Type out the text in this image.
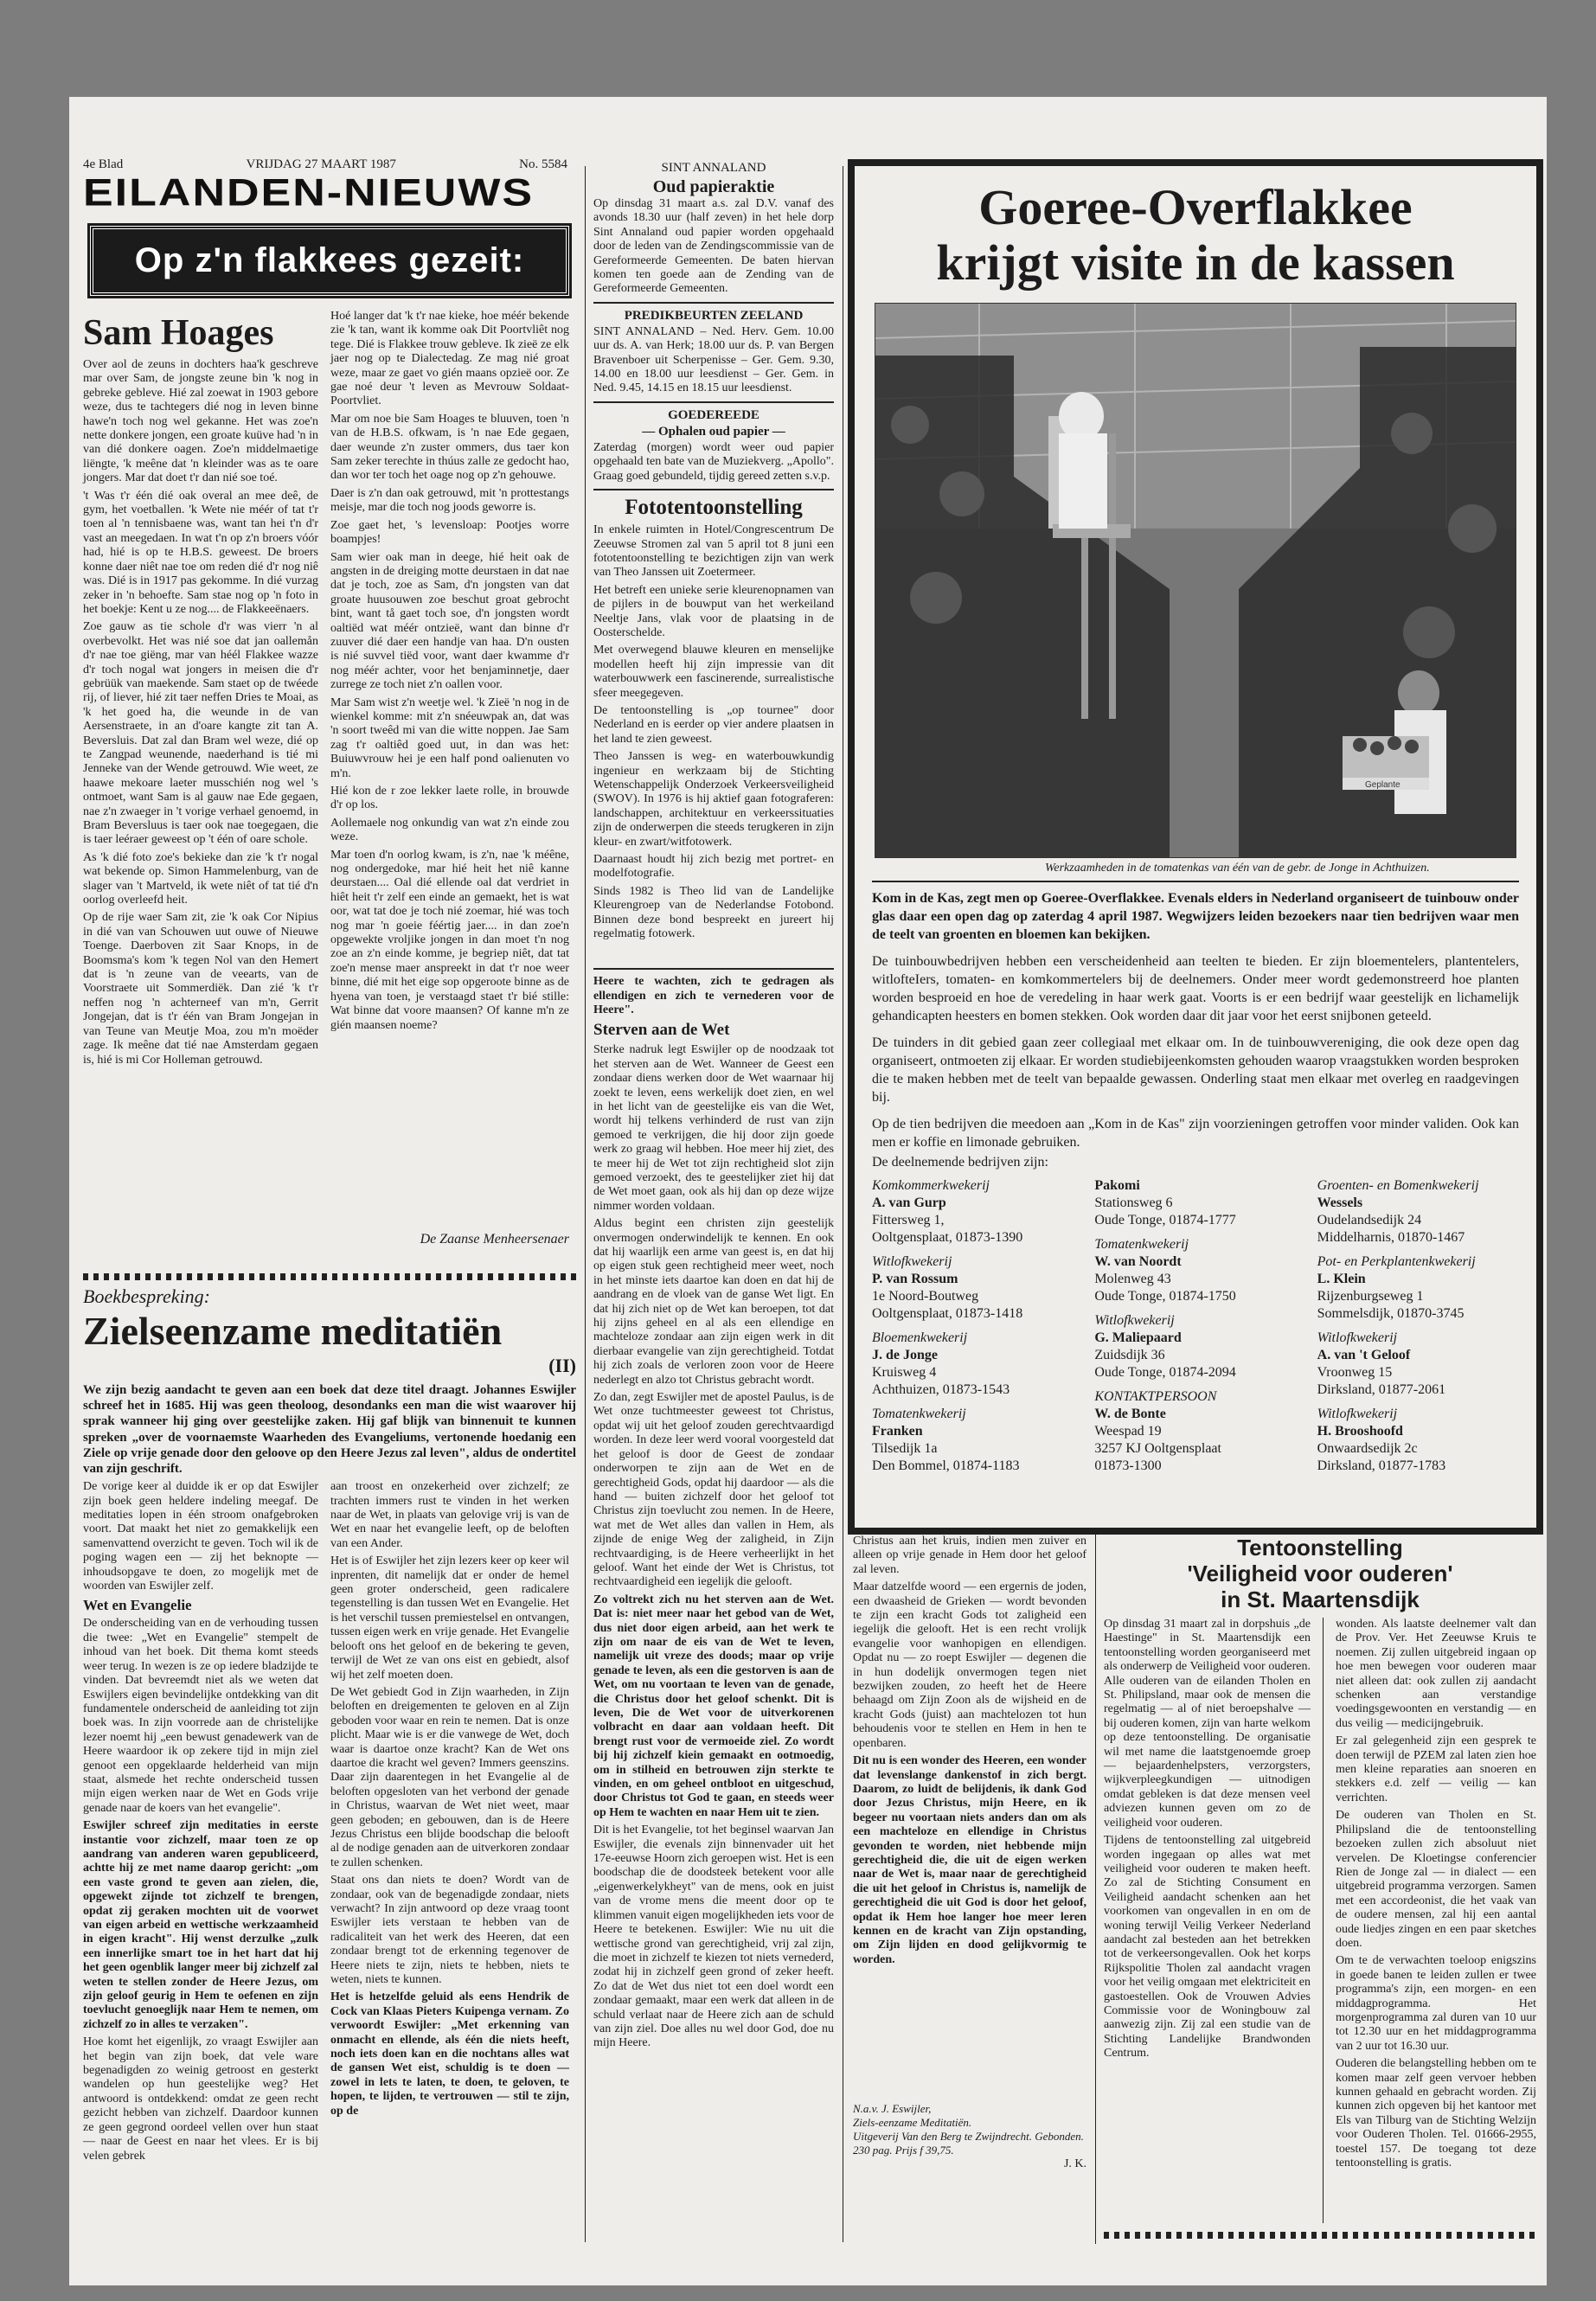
4e Blad	VRIJDAG 27 MAART 1987	No. 5584
EILANDEN-NIEUWS
Op z'n flakkees gezeit:
Sam Hoages

Over aol de zeuns in dochters haa'k geschreve mar over Sam, de jongste zeune bin 'k nog in gebreke gebleve. Hié zal zoewat in 1903 gebore weze, dus te tachtegers dié nog in leven binne hawe'n toch nog wel gekanne. Het was zoe'n nette donkere jongen, een groate kuüve had 'n in van dié donkere oagen. Zoe'n middelmaetige liëngte, 'k meêne dat 'n kleinder was as te oare jongers. Mar dat doet t'r dan nié soe toé.

't Was t'r één dié oak overal an mee deê, de gym, het voetballen. 'k Wete nie méér of tat t'r toen al 'n tennisbaene was, want tan hei t'n d'r vast an meegedaen. In wat t'n op z'n broers vóór had, hié is op te H.B.S. geweest. De broers konne daer niêt nae toe om reden dié d'r nog niê was. Dié is in 1917 pas gekomme. In dié vurzag zeker in 'n behoefte. Sam stae nog op 'n foto in het boekje: Kent u ze nog.... de Flakkeeënaers.

Zoe gauw as tie schole d'r was vierr 'n al overbevolkt. Het was nié soe dat jan oallemån d'r nae toe giëng, mar van héél Flakkee wazze d'r toch nogal wat jongers in meisen die d'r gebrüük van maekende. Sam staet op de twéede rij, of liever, hié zit taer neffen Dries te Moai, as 'k het goed ha, die weunde in de van Aersenstraete, in an d'oare kangte zit tan A. Beversluis. Dat zal dan Bram wel weze, dié op te Zangpad weunende, naederhand is tié mi Jenneke van der Wende getrouwd. Wie weet, ze haawe mekoare laeter musschién nog wel 's ontmoet, want Sam is al gauw nae Ede gegaen, nae z'n zwaeger in 't vorige verhael genoemd, in Bram Beversluus is taer ook nae toegegaen, die is taer leéraer geweest op 't één of oare schole.

As 'k dié foto zoe's bekieke dan zie 'k t'r nogal wat bekende op. Simon Hammelenburg, van de slager van 't Martveld, ik wete niêt of tat tié d'n oorlog overleefd heit.

Op de rije waer Sam zit, zie 'k oak Cor Nipius in dié van van Schouwen uut ouwe of Nieuwe Toenge. Daerboven zit Saar Knops, in de Boomsma's kom 'k tegen Nol van den Hemert dat is 'n zeune van de veearts, van de Voorstraete uit Sommerdiëk. Dan zié 'k t'r neffen nog 'n achterneef van m'n, Gerrit Jongejan, dat is t'r één van Bram Jongejan in van Teune van Meutje Moa, zou m'n moëder zage. Ik meêne dat tié nae Amsterdam gegaen is, hié is mi Cor Holleman getrouwd.

Hoé langer dat 'k t'r nae kieke, hoe méér bekende zie 'k tan, want ik komme oak Dit Poortvliêt nog tege. Dié is Flakkee trouw gebleve. Ik zieë ze elk jaer nog op te Dialectedag. Ze mag nié groat weze, maar ze gaet vo gién maans opzieë oor. Ze gae noé deur 't leven as Mevrouw Soldaat-Poortvliet.

Mar om noe bie Sam Hoages te bluuven, toen 'n van de H.B.S. ofkwam, is 'n nae Ede gegaen, daer weunde z'n zuster ommers, dus taer kon Sam zeker terechte in thúus zalle ze gedocht hao, dan wor ter toch het oage nog op z'n gehouwe.

Daer is z'n dan oak getrouwd, mit 'n prottestangs meisje, mar die toch nog joods geworre is.

Zoe gaet het, 's levensloap: Pootjes worre boampjes!

Sam wier oak man in deege, hié heit oak de angsten in de dreiging motte deurstaen in dat nae dat je toch, zoe as Sam, d'n jongsten van dat groate huusouwen zoe beschut groat gebrocht bint, want tå gaet toch soe, d'n jongsten wordt oaltiëd wat méér ontzieë, want dan binne d'r zuuver dié daer een handje van haa. D'n ousten is nié suvvel tiëd voor, want daer kwamme d'r nog méér achter, voor het benjaminnetje, daer zurrege ze toch niet z'n oallen voor.

Mar Sam wist z'n weetje wel. 'k Zieë 'n nog in de wienkel komme: mit z'n snéeuwpak an, dat was 'n soort tweêd mi van die witte noppen. Jae Sam zag t'r oaltiêd goed uut, in dan was het: Buiuwvrouw hei je een half pond oalienuten vo m'n.

Hié kon de r zoe lekker laete rolle, in brouwde d'r op los.

Aollemaele nog onkundig van wat z'n einde zou weze.

Mar toen d'n oorlog kwam, is z'n, nae 'k méêne, nog ondergedoke, mar hié heit het niê kanne deurstaen.... Oal dié ellende oal dat verdriet in hiêt heit t'r zelf een einde an gemaekt, het is wat oor, wat tat doe je toch nié zoemar, hié was toch nog mar 'n goeie féértig jaer.... in dan zoe'n opgewekte vroljike jongen in dan moet t'n nog zoe an z'n einde komme, je begriep niêt, dat tat zoe'n mense maer anspreekt in dat t'r noe weer binne, dié mit het eige sop opgeroote binne as de hyena van toen, je verstaagd staet t'r bié stille: Wat binne dat voore maansen? Of kanne m'n ze gién maansen noeme?

De Zaanse Menheersenaer
Boekbespreking:
Zielseenzame meditatiën
(II)

We zijn bezig aandacht te geven aan een boek dat deze titel draagt. Johannes Eswijler schreef het in 1685. Hij was geen theoloog, desondanks een man die wist waarover hij sprak wanneer hij ging over geestelijke zaken. Hij gaf blijk van binnenuit te kunnen spreken „over de voornaemste Waarheden des Evangeliums, vertonende hoedanig een Ziele op vrije genade door den geloove op den Heere Jezus zal leven", aldus de ondertitel van zijn geschrift.

De vorige keer al duidde ik er op dat Eswijler zijn boek geen heldere indeling meegaf. De meditaties lopen in één stroom onafgebroken voort. Dat maakt het niet zo gemakkelijk een samenvattend overzicht te geven. Toch wil ik de poging wagen een — zij het beknopte — inhoudsopgave te doen, zo mogelijk met de woorden van Eswijler zelf.

Wet en Evangelie

De onderscheiding van en de verhouding tussen die twee: „Wet en Evangelie" stempelt de inhoud van het boek. Dit thema komt steeds weer terug. In wezen is ze op iedere bladzijde te vinden. Dat bevreemdt niet als we weten dat Eswijlers eigen bevindelijke ontdekking van dit fundamentele onderscheid de aanleiding tot zijn boek was. In zijn voorrede aan de christelijke lezer noemt hij „een bewust genadewerk van de Heere waardoor ik op zekere tijd in mijn ziel genoot een opgeklaarde helderheid van mijn staat, alsmede het rechte onderscheid tussen mijn eigen werken naar de Wet en Gods vrije genade naar de koers van het evangelie".

Eswijler schreef zijn meditaties in eerste instantie voor zichzelf, maar toen ze op aandrang van anderen waren gepubliceerd, achtte hij ze met name daarop gericht: „om een vaste grond te geven aan zielen, die, opgewekt zijnde tot zichzelf te brengen, opdat zij geraken mochten uit de voorwet van eigen arbeid en wettische werkzaamheid in eigen kracht". Hij wenst derzulke „zulk een innerlijke smart toe in het hart dat hij het geen ogenblik langer meer bij zichzelf zal weten te stellen zonder de Heere Jezus, om zijn geloof geurig in Hem te oefenen en zijn toevlucht genoeglijk naar Hem te nemen, om zichzelf zo in alles te verzaken".

Hoe komt het eigenlijk, zo vraagt Eswijler aan het begin van zijn boek, dat vele ware begenadigden zo weinig getroost en gesterkt wandelen op hun geestelijke weg? Het antwoord is ontdekkend: omdat ze geen recht gezicht hebben van zichzelf. Daardoor kunnen ze geen gegrond oordeel vellen over hun staat — naar de Geest en naar het vlees. Er is bij velen gebrek

aan troost en onzekerheid over zichzelf; ze trachten immers rust te vinden in het werken naar de Wet, in plaats van gelovige vrij is van de Wet en naar het evangelie leeft, op de beloften van een Ander.

Het is of Eswijler het zijn lezers keer op keer wil inprenten, dit namelijk dat er onder de hemel geen groter onderscheid, geen radicalere tegenstelling is dan tussen Wet en Evangelie. Het is het verschil tussen premiestelsel en ontvangen, tussen eigen werk en vrije genade. Het Evangelie belooft ons het geloof en de bekering te geven, terwijl de Wet ze van ons eist en gebiedt, alsof wij het zelf moeten doen.

De Wet gebiedt God in Zijn waarheden, in Zijn beloften en dreigementen te geloven en al Zijn geboden voor waar en rein te nemen. Dat is onze plicht. Maar wie is er die vanwege de Wet, doch waar is daartoe onze kracht? Kan de Wet ons daartoe die kracht wel geven? Immers geenszins. Daar zijn daarentegen in het Evangelie al de beloften opgesloten van het verbond der genade in Christus, waarvan de Wet niet weet, maar geen geboden; en gebouwen, dan is de Heere Jezus Christus een blijde boodschap die belooft al de nodige genaden aan de uitverkoren zondaar te zullen schenken.

Staat ons dan niets te doen? Wordt van de zondaar, ook van de begenadigde zondaar, niets verwacht? In zijn antwoord op deze vraag toont Eswijler iets verstaan te hebben van de radicaliteit van het werk des Heeren, dat een zondaar brengt tot de erkenning tegenover de Heere niets te zijn, niets te hebben, niets te weten, niets te kunnen.

Het is hetzelfde geluid als eens Hendrik de Cock van Klaas Pieters Kuipenga vernam. Zo verwoordt Eswijler: „Met erkenning van onmacht en ellende, als één die niets heeft, noch iets doen kan en die nochtans alles wat de gansen Wet eist, schuldig is te doen — zowel in lets te laten, te doen, te geloven, te hopen, te lijden, te vertrouwen — stil te zijn, op de

SINT ANNALAND
Oud papieraktie

Op dinsdag 31 maart a.s. zal D.V. vanaf des avonds 18.30 uur (half zeven) in het hele dorp Sint Annaland oud papier worden opgehaald door de leden van de Zendingscommissie van de Gereformeerde Gemeenten. De baten hiervan komen ten goede aan de Zending van de Gereformeerde Gemeenten.

PREDIKBEURTEN ZEELAND

SINT ANNALAND – Ned. Herv. Gem. 10.00 uur ds. A. van Herk; 18.00 uur ds. P. van Bergen Bravenboer uit Scherpenisse – Ger. Gem. 9.30, 14.00 en 18.00 uur leesdienst – Ger. Gem. in Ned. 9.45, 14.15 en 18.15 uur leesdienst.

GOEDEREEDE
— Ophalen oud papier —

Zaterdag (morgen) wordt weer oud papier opgehaald ten bate van de Muziekverg. „Apollo". Graag goed gebundeld, tijdig gereed zetten s.v.p.

Fototentoonstelling

In enkele ruimten in Hotel/Congrescentrum De Zeeuwse Stromen zal van 5 april tot 8 juni een fototentoonstelling te bezichtigen zijn van werk van Theo Janssen uit Zoetermeer.

Het betreft een unieke serie kleurenopnamen van de pijlers in de bouwput van het werkeiland Neeltje Jans, vlak voor de plaatsing in de Oosterschelde.

Met overwegend blauwe kleuren en menselijke modellen heeft hij zijn impressie van dit waterbouwwerk een fascinerende, surrealistische sfeer meegegeven.

De tentoonstelling is „op tournee" door Nederland en is eerder op vier andere plaatsen in het land te zien geweest.

Theo Janssen is weg- en waterbouwkundig ingenieur en werkzaam bij de Stichting Wetenschappelijk Onderzoek Verkeersveiligheid (SWOV). In 1976 is hij aktief gaan fotograferen: landschappen, architektuur en verkeerssituaties zijn de onderwerpen die steeds terugkeren in zijn kleur- en zwart/witfotowerk.

Daarnaast houdt hij zich bezig met portret- en modelfotografie.

Sinds 1982 is Theo lid van de Landelijke Kleurengroep van de Nederlandse Fotobond. Binnen deze bond bespreekt en jureert hij regelmatig fotowerk.

Heere te wachten, zich te gedragen als ellendigen en zich te vernederen voor de Heere".

Sterven aan de Wet

Sterke nadruk legt Eswijler op de noodzaak tot het sterven aan de Wet. Wanneer de Geest een zondaar diens werken door de Wet waarnaar hij zoekt te leven, eens werkelijk doet zien, en wel in het licht van de geestelijke eis van die Wet, wordt hij telkens verhinderd de rust van zijn gemoed te verkrijgen, die hij door zijn goede werk zo graag wil hebben. Hoe meer hij ziet, des te meer hij de Wet tot zijn rechtigheid slot zijn gemoed verzoekt, des te geestelijker ziet hij dat de Wet moet gaan, ook als hij dan op deze wijze nimmer worden voldaan.

Aldus begint een christen zijn geestelijk onvermogen onderwindelijk te kennen. En ook dat hij waarlijk een arme van geest is, en dat hij op eigen stuk geen rechtigheid meer weet, noch in het minste iets daartoe kan doen en dat hij de aandrang en de vloek van de ganse Wet ligt. En dat hij zich niet op de Wet kan beroepen, tot dat hij zijns geheel en al als een ellendige en machteloze zondaar aan zijn eigen werk in dit dierbaar evangelie van zijn gerechtigheid. Totdat hij zich zoals de verloren zoon voor de Heere nederlegt en alzo tot Christus gebracht wordt.

Zo dan, zegt Eswijler met de apostel Paulus, is de Wet onze tuchtmeester geweest tot Christus, opdat wij uit het geloof zouden gerechtvaardigd worden. In deze leer werd vooral voorgesteld dat het geloof is door de Geest de zondaar onderworpen te zijn aan de Wet en de gerechtigheid Gods, opdat hij daardoor — als die hand — buiten zichzelf door het geloof tot Christus zijn toevlucht zou nemen. In de Heere, wat met de Wet alles dan vallen in Hem, als zijnde de enige Weg der zaligheid, in Zijn rechtvaardiging, is de Heere verheerlijkt in het geloof. Want het einde der Wet is Christus, tot rechtvaardigheid een iegelijk die gelooft.

Zo voltrekt zich nu het sterven aan de Wet. Dat is: niet meer naar het gebod van de Wet, dus niet door eigen arbeid, aan het werk te zijn om naar de eis van de Wet te leven, namelijk uit vreze des doods; maar op vrije genade te leven, als een die gestorven is aan de Wet, om nu voortaan te leven van de genade, die Christus door het geloof schenkt. Dit is leven, Die de Wet voor de uitverkorenen volbracht en daar aan voldaan heeft. Dit brengt rust voor de vermoeide ziel. Zo wordt bij hij zichzelf kiein gemaakt en ootmoedig, om in stilheid en betrouwen zijn sterkte te vinden, en om geheel ontbloot en uitgeschud, door Christus tot God te gaan, en steeds weer op Hem te wachten en naar Hem uit te zien.

Dit is het Evangelie, tot het beginsel waarvan Jan Eswijler, die evenals zijn binnenvader uit het 17e-eeuwse Hoorn zich geroepen wist. Het is een boodschap die de doodsteek betekent voor alle „eigenwerkelykheyt" van de mens, ook en juist van de vrome mens die meent door op te klimmen vanuit eigen mogelijkheden iets voor de Heere te betekenen. Eswijler: Wie nu uit die wettische grond van gerechtigheid, vrij zal zijn, die moet in zichzelf te kiezen tot niets vernederd, zodat hij in zichzelf geen grond of zeker heeft. Zo dat de Wet dus niet tot een doel wordt een zondaar gemaakt, maar een werk dat alleen in de schuld verlaat naar de Heere zich aan de schuld van zijn ziel. Doe alles nu wel door God, doe nu mijn Heere.

Goeree-Overflakkee
krijgt visite in de kassen
Geplante
Werkzaamheden in de tomatenkas van één van de gebr. de Jonge in Achthuizen.

Kom in de Kas, zegt men op Goeree-Overflakkee. Evenals elders in Nederland organiseert de tuinbouw onder glas daar een open dag op zaterdag 4 april 1987. Wegwijzers leiden bezoekers naar tien bedrijven waar men de teelt van groenten en bloemen kan bekijken.

De tuinbouwbedrijven hebben een verscheidenheid aan teelten te bieden. Er zijn bloementelers, plantentelers, witlofteIers, tomaten- en komkommertelers bij de deelnemers. Onder meer wordt gedemonstreerd hoe planten worden besproeid en hoe de veredeling in haar werk gaat. Voorts is er een bedrijf waar geestelijk en lichamelijk gehandicapten heesters en bomen stekken. Ook worden daar dit jaar voor het eerst snijbonen geteeld.

De tuinders in dit gebied gaan zeer collegiaal met elkaar om. In de tuinbouwvereniging, die ook deze open dag organiseert, ontmoeten zij elkaar. Er worden studiebijeenkomsten gehouden waarop vraagstukken worden besproken die te maken hebben met de teelt van bepaalde gewassen. Onderling staat men elkaar met overleg en raadgevingen bij.

Op de tien bedrijven die meedoen aan „Kom in de Kas" zijn voorzieningen getroffen voor minder validen. Ook kan men er koffie en limonade gebruiken.

De deelnemende bedrijven zijn:
Komkommerkwekerij
A. van Gurp
Fittersweg 1,
Ooltgensplaat, 01873-1390
Witlofkwekerij
P. van Rossum
1e Noord-Boutweg
Ooltgensplaat, 01873-1418
Bloemenkwekerij
J. de Jonge
Kruisweg 4
Achthuizen, 01873-1543
Tomatenkwekerij
Franken
Tilsedijk 1a
Den Bommel, 01874-1183
Pakomi
Stationsweg 6
Oude Tonge, 01874-1777
Tomatenkwekerij
W. van Noordt
Molenweg 43
Oude Tonge, 01874-1750
Witlofkwekerij
G. Maliepaard
Zuidsdijk 36
Oude Tonge, 01874-2094
KONTAKTPERSOON
W. de Bonte
Weespad 19
3257 KJ Ooltgensplaat
01873-1300
Groenten- en Bomenkwekerij
Wessels
Oudelandsedijk 24
Middelharnis, 01870-1467
Pot- en Perkplantenkwekerij
L. Klein
Rijzenburgseweg 1
Sommelsdijk, 01870-3745
Witlofkwekerij
A. van 't Geloof
Vroonweg 15
Dirksland, 01877-2061
Witlofkwekerij
H. Brooshoofd
Onwaardsedijk 2c
Dirksland, 01877-1783

Christus aan het kruis, indien men zuiver en alleen op vrije genade in Hem door het geloof zal leven.

Maar datzelfde woord — een ergernis de joden, een dwaasheid de Grieken — wordt bevonden te zijn een kracht Gods tot zaligheid een iegelijk die gelooft. Het is een recht vrolijk evangelie voor wanhopigen en ellendigen. Opdat nu — zo roept Eswijler — degenen die in hun dodelijk onvermogen tegen niet bezwijken zouden, zo heeft het de Heere behaagd om Zijn Zoon als de wijsheid en de kracht Gods (juist) aan machtelozen tot hun behoudenis voor te stellen en Hem in hen te openbaren.

Dit nu is een wonder des Heeren, een wonder dat levenslange dankenstof in zich bergt. Daarom, zo luidt de belijdenis, ik dank God door Jezus Christus, mijn Heere, en ik begeer nu voortaan niets anders dan om als een machteloze en ellendige in Christus gevonden te worden, niet hebbende mijn gerechtigheid die, die uit de eigen werken naar de Wet is, maar naar de gerechtigheid die uit het geloof in Christus is, namelijk de gerechtigheid die uit God is door het geloof, opdat ik Hem hoe langer hoe meer leren kennen en de kracht van Zijn opstanding, om Zijn lijden en dood gelijkvormig te worden.

N.a.v. J. Eswijler,
Ziels-eenzame Meditatiën.
Uitgeverij Van den Berg te Zwijndrecht. Gebonden. 230 pag. Prijs f 39,75.
J. K.
Tentoonstelling
'Veiligheid voor ouderen'
in St. Maartensdijk

Op dinsdag 31 maart zal in dorpshuis „de Haestinge" in St. Maartensdijk een tentoonstelling worden georganiseerd met als onderwerp de Veiligheid voor ouderen. Alle ouderen van de eilanden Tholen en St. Philipsland, maar ook de mensen die regelmatig — al of niet beroepshalve — bij ouderen komen, zijn van harte welkom op deze tentoonstelling. De organisatie wil met name die laatstgenoemde groep — bejaardenhelpsters, verzorgsters, wijkverpleegkundigen — uitnodigen omdat gebleken is dat deze mensen veel adviezen kunnen geven om zo de veiligheid voor ouderen.

Tijdens de tentoonstelling zal uitgebreid worden ingegaan op alles wat met veiligheid voor ouderen te maken heeft. Zo zal de Stichting Consument en Veiligheid aandacht schenken aan het voorkomen van ongevallen in en om de woning terwijl Veilig Verkeer Nederland aandacht zal besteden aan het betrekken tot de verkeersongevallen. Ook het korps Rijkspolitie Tholen zal aandacht vragen voor het veilig omgaan met elektriciteit en gastoestellen. Ook de Vrouwen Advies Commissie voor de Woningbouw zal aanwezig zijn. Zij zal een studie van de Stichting Landelijke Brandwonden Centrum.

wonden. Als laatste deelnemer valt dan de Prov. Ver. Het Zeeuwse Kruis te noemen. Zij zullen uitgebreid ingaan op hoe men bewegen voor ouderen maar niet alleen dat: ook zullen zij aandacht schenken aan verstandige voedingsgewoonten en verstandig — en dus veilig — medicijngebruik.

Er zal gelegenheid zijn een gesprek te doen terwijl de PZEM zal laten zien hoe men kleine reparaties aan snoeren en stekkers e.d. zelf — veilig — kan verrichten.

De ouderen van Tholen en St. Philipsland die de tentoonstelling bezoeken zullen zich absoluut niet vervelen. De Kloetingse conferencier Rien de Jonge zal — in dialect — een uitgebreid programma verzorgen. Samen met een accordeonist, die het vaak van de oudere mensen, zal hij een aantal oude liedjes zingen en een paar sketches doen.

Om te de verwachten toeloop enigszins in goede banen te leiden zullen er twee programma's zijn, een morgen- en een middagprogramma. Het morgenprogramma zal duren van 10 uur tot 12.30 uur en het middagprogramma van 2 uur tot 16.30 uur.

Ouderen die belangstelling hebben om te komen maar zelf geen vervoer hebben kunnen gehaald en gebracht worden. Zij kunnen zich opgeven bij het kantoor met Els van Tilburg van de Stichting Welzijn voor Ouderen Tholen. Tel. 01666-2955, toestel 157. De toegang tot deze tentoonstelling is gratis.
